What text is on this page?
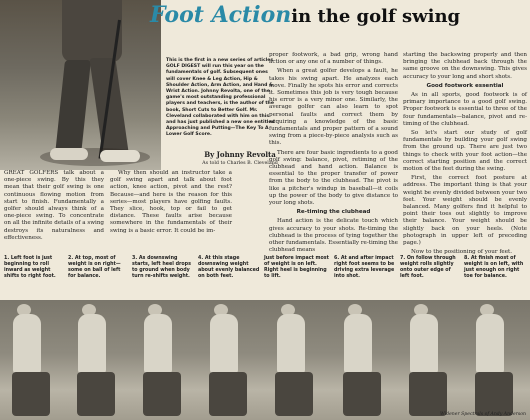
Foot Actionin the golf swing
This is the first in a new series of articles GOLF DIGEST will run this year on the fundamentals of golf. Subsequent ones will cover Knee & Leg Action, Hip & Shoulder Action, Arm Action, and Hand & Wrist Action. Johnny Revolta, one of the game's most outstanding professional players and teachers, is the author of the book, Short Cuts to Better Golf. Mr. Cleveland collaborated with him on this and has just published a new one entitled Approaching and Putting—The Key To A Lower Golf Score.
By Johnny Revolta
As told to Charles B. Cleveland

GREAT GOLFERS talk about a one-piece swing. By this they mean that their golf swing is one continuous flowing motion from start to finish. Fundamentally a golfer should always think of a one-piece swing. To concentrate on all the infinite details of a swing destroys its naturalness and effectiveness.

Why then should an instructor take a golf swing apart and talk about foot action, knee action, pivot and the rest? Because—and here is the reason for this series—most players have golfing faults. They slice, hook, top or fail to get distance. These faults arise because somewhere in the fundamentals of their swing is a basic error. It could be im-

proper footwork, a bad grip, wrong hand action or any one of a number of things.

When a great golfer develops a fault, he takes his swing apart. He analyzes each move. Finally he spots his error and corrects it. Sometimes this job is very tough because his error is a very minor one. Similarly, the average golfer can also learn to spot personal faults and correct them by acquiring a knowledge of the basic fundamentals and proper pattern of a sound swing from a piece-by-piece analysis such as this.

There are four basic ingredients to a good golf swing: balance, pivot, retiming of the clubhead and hand action. Balance is essential to the proper transfer of power from the body to the clubhead. The pivot is like a pitcher's windup in baseball—it coils up the power of the body to give distance to your long shots.

Re-timing the clubhead

Hand action is the delicate touch which gives accuracy to your shots. Re-timing the clubhead is the process of tying together the other fundamentals. Essentially re-timing the clubhead means

starting the backswing properly and then bringing the clubhead back through the same groove on the downswing. This gives accuracy to your long and short shots.

Good footwork essential

As in all sports, good footwork is of primary importance to a good golf swing. Proper footwork is essential to three of the four fundamentals—balance, pivot and re-timing of the clubhead.

So let's start our study of golf fundamentals by building your golf swing from the ground up. There are just two things to check with your foot action—the correct starting position and the correct motion of the feet during the swing.

First, the correct foot posture at address. The important thing is that your weight be evenly divided between your two feet. Your weight should be evenly balanced. Many golfers find it helpful to point their toes out slightly to improve their balance. Your weight should be slightly back on your heels. (Note photograph in upper left of preceding page.)

Now to the positioning of your feet.

1. Left foot is just beginning to roll inward as weight shifts to right foot.
2. At top, most of weight is on right—some on ball of left for balance.
3. As downswing starts, left heel drops to ground when body turn re-shifts weight.
4. At this stage downswing weight about evenly balanced on both feet.
Just before impact most of weight is on left. Right heel is beginning to lift.
6. At and after impact right foot seems to be driving extra leverage into shot.
7. On follow through weight rolls slightly onto outer edge of left foot.
8. At finish most of weight is on left, with just enough on right toe for balance.
Widener Spectrals of Andy Anderson
